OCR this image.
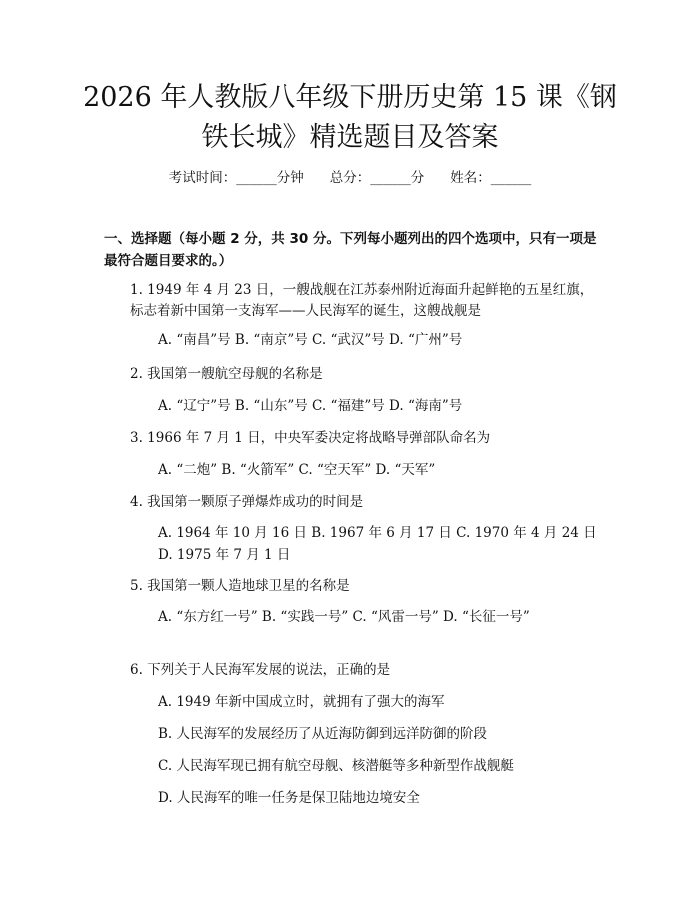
2026 年人教版八年级下册历史第 15 课《钢
铁长城》精选题目及答案
考试时间：______分钟 总分：______分 姓名：______
一、选择题（每小题 2 分，共 30 分。下列每小题列出的四个选项中，只有一项是最符合题目要求的。）
1. 1949 年 4 月 23 日，一艘战舰在江苏泰州附近海面升起鲜艳的五星红旗，标志着新中国第一支海军——人民海军的诞生，这艘战舰是
A. “南昌”号 B. “南京”号 C. “武汉”号 D. “广州”号
2. 我国第一艘航空母舰的名称是
A. “辽宁”号 B. “山东”号 C. “福建”号 D. “海南”号
3. 1966 年 7 月 1 日，中央军委决定将战略导弹部队命名为
A. “二炮” B. “火箭军” C. “空天军” D. “天军”
4. 我国第一颗原子弹爆炸成功的时间是
A. 1964 年 10 月 16 日 B. 1967 年 6 月 17 日 C. 1970 年 4 月 24 日 D. 1975 年 7 月 1 日
5. 我国第一颗人造地球卫星的名称是
A. “东方红一号” B. “实践一号” C. “风雷一号” D. “长征一号”
6. 下列关于人民海军发展的说法，正确的是
A. 1949 年新中国成立时，就拥有了强大的海军
B. 人民海军的发展经历了从近海防御到远洋防御的阶段
C. 人民海军现已拥有航空母舰、核潜艇等多种新型作战舰艇
D. 人民海军的唯一任务是保卫陆地边境安全
